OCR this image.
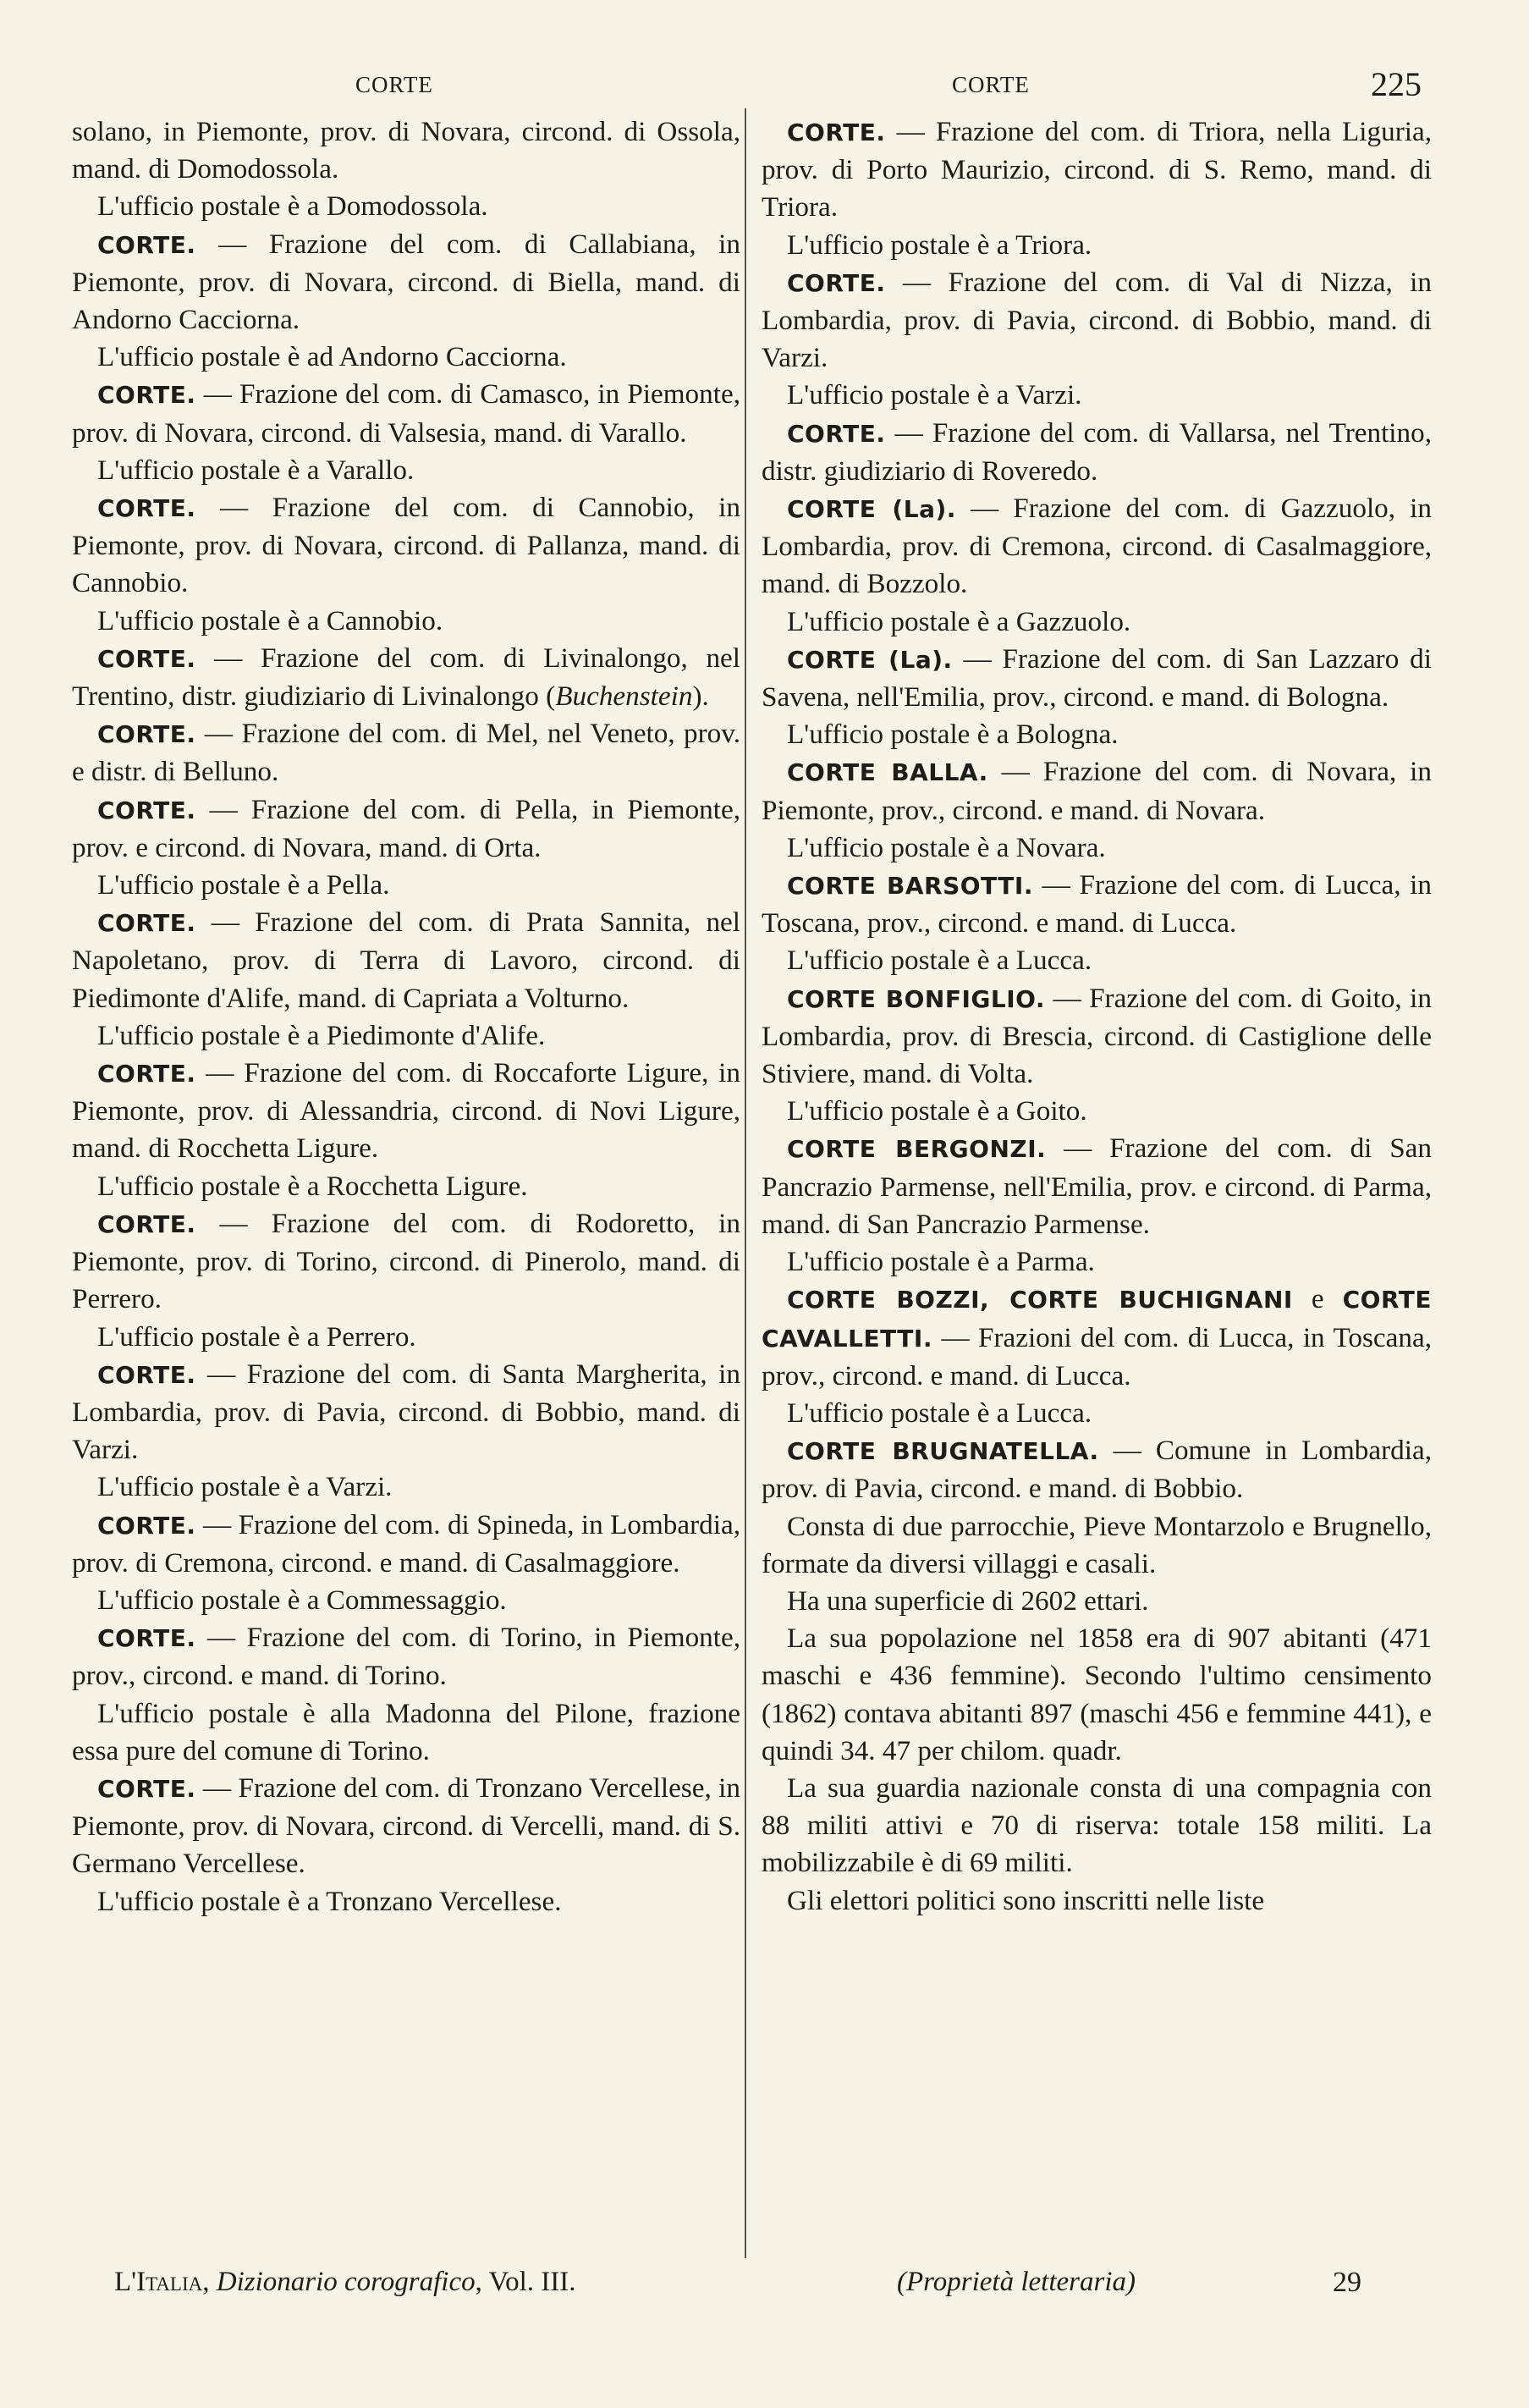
CORTE	CORTE	225

solano, in Piemonte, prov. di Novara, circond. di Ossola, mand. di Domodossola.

L'ufficio postale è a Domodossola.

CORTE. — Frazione del com. di Callabiana, in Piemonte, prov. di Novara, circond. di Biella, mand. di Andorno Cacciorna.

L'ufficio postale è ad Andorno Cacciorna.

CORTE. — Frazione del com. di Camasco, in Piemonte, prov. di Novara, circond. di Valsesia, mand. di Varallo.

L'ufficio postale è a Varallo.

CORTE. — Frazione del com. di Cannobio, in Piemonte, prov. di Novara, circond. di Pallanza, mand. di Cannobio.

L'ufficio postale è a Cannobio.

CORTE. — Frazione del com. di Livinalongo, nel Trentino, distr. giudiziario di Livinalongo (Buchenstein).

CORTE. — Frazione del com. di Mel, nel Veneto, prov. e distr. di Belluno.

CORTE. — Frazione del com. di Pella, in Piemonte, prov. e circond. di Novara, mand. di Orta.

L'ufficio postale è a Pella.

CORTE. — Frazione del com. di Prata Sannita, nel Napoletano, prov. di Terra di Lavoro, circond. di Piedimonte d'Alife, mand. di Capriata a Volturno.

L'ufficio postale è a Piedimonte d'Alife.

CORTE. — Frazione del com. di Roccaforte Ligure, in Piemonte, prov. di Alessandria, circond. di Novi Ligure, mand. di Rocchetta Ligure.

L'ufficio postale è a Rocchetta Ligure.

CORTE. — Frazione del com. di Rodoretto, in Piemonte, prov. di Torino, circond. di Pinerolo, mand. di Perrero.

L'ufficio postale è a Perrero.

CORTE. — Frazione del com. di Santa Margherita, in Lombardia, prov. di Pavia, circond. di Bobbio, mand. di Varzi.

L'ufficio postale è a Varzi.

CORTE. — Frazione del com. di Spineda, in Lombardia, prov. di Cremona, circond. e mand. di Casalmaggiore.

L'ufficio postale è a Commessaggio.

CORTE. — Frazione del com. di Torino, in Piemonte, prov., circond. e mand. di Torino.

L'ufficio postale è alla Madonna del Pilone, frazione essa pure del comune di Torino.

CORTE. — Frazione del com. di Tronzano Vercellese, in Piemonte, prov. di Novara, circond. di Vercelli, mand. di S. Germano Vercellese.

L'ufficio postale è a Tronzano Vercellese.

CORTE. — Frazione del com. di Triora, nella Liguria, prov. di Porto Maurizio, circond. di S. Remo, mand. di Triora.

L'ufficio postale è a Triora.

CORTE. — Frazione del com. di Val di Nizza, in Lombardia, prov. di Pavia, circond. di Bobbio, mand. di Varzi.

L'ufficio postale è a Varzi.

CORTE. — Frazione del com. di Vallarsa, nel Trentino, distr. giudiziario di Roveredo.

CORTE (La). — Frazione del com. di Gazzuolo, in Lombardia, prov. di Cremona, circond. di Casalmaggiore, mand. di Bozzolo.

L'ufficio postale è a Gazzuolo.

CORTE (La). — Frazione del com. di San Lazzaro di Savena, nell'Emilia, prov., circond. e mand. di Bologna.

L'ufficio postale è a Bologna.

CORTE BALLA. — Frazione del com. di Novara, in Piemonte, prov., circond. e mand. di Novara.

L'ufficio postale è a Novara.

CORTE BARSOTTI. — Frazione del com. di Lucca, in Toscana, prov., circond. e mand. di Lucca.

L'ufficio postale è a Lucca.

CORTE BONFIGLIO. — Frazione del com. di Goito, in Lombardia, prov. di Brescia, circond. di Castiglione delle Stiviere, mand. di Volta.

L'ufficio postale è a Goito.

CORTE BERGONZI. — Frazione del com. di San Pancrazio Parmense, nell'Emilia, prov. e circond. di Parma, mand. di San Pancrazio Parmense.

L'ufficio postale è a Parma.

CORTE BOZZI, CORTE BUCHIGNANI e CORTE CAVALLETTI. — Frazioni del com. di Lucca, in Toscana, prov., circond. e mand. di Lucca.

L'ufficio postale è a Lucca.

CORTE BRUGNATELLA. — Comune in Lombardia, prov. di Pavia, circond. e mand. di Bobbio.

Consta di due parrocchie, Pieve Montarzolo e Brugnello, formate da diversi villaggi e casali.

Ha una superficie di 2602 ettari.

La sua popolazione nel 1858 era di 907 abitanti (471 maschi e 436 femmine). Secondo l'ultimo censimento (1862) contava abitanti 897 (maschi 456 e femmine 441), e quindi 34. 47 per chilom. quadr.

La sua guardia nazionale consta di una compagnia con 88 militi attivi e 70 di riserva: totale 158 militi. La mobilizzabile è di 69 militi.

Gli elettori politici sono inscritti nelle liste

L'Italia, Dizionario corografico, Vol. III.	(Proprietà letteraria)	29
